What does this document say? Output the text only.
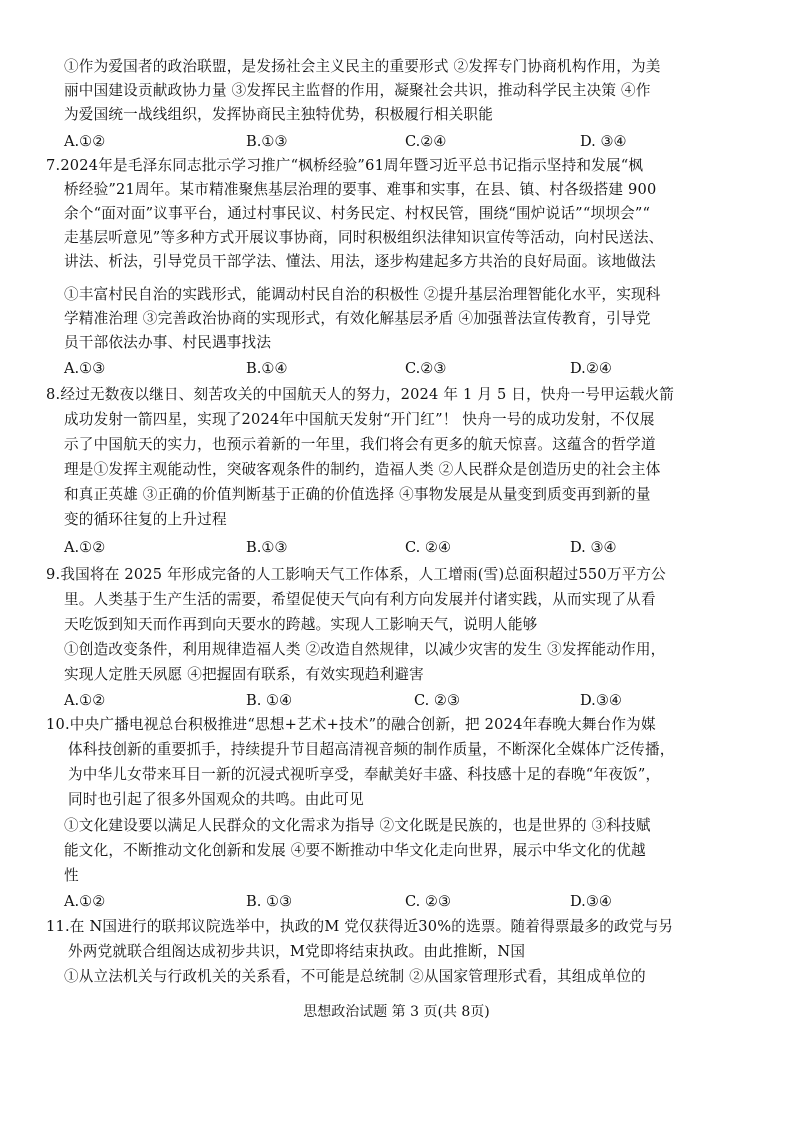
①作为爱国者的政治联盟，是发扬社会主义民主的重要形式 ②发挥专门协商机构作用，为美
丽中国建设贡献政协力量 ③发挥民主监督的作用，凝聚社会共识，推动科学民主决策 ④作
为爱国统一战线组织，发挥协商民主独特优势，积极履行相关职能
A.①②	B.①③	C.②④	D. ③④
7.2024年是毛泽东同志批示学习推广“枫桥经验”61周年暨习近平总书记指示坚持和发展“枫
桥经验”21周年。某市精准聚焦基层治理的要事、难事和实事，在县、镇、村各级搭建 900
余个“面对面”议事平台，通过村事民议、村务民定、村权民管，围绕“围炉说话”“坝坝会”“
走基层听意见”等多种方式开展议事协商，同时积极组织法律知识宣传等活动，向村民送法、
讲法、析法，引导党员干部学法、懂法、用法，逐步构建起多方共治的良好局面。该地做法
①丰富村民自治的实践形式，能调动村民自治的积极性 ②提升基层治理智能化水平，实现科
学精准治理 ③完善政治协商的实现形式，有效化解基层矛盾 ④加强普法宣传教育，引导党
员干部依法办事、村民遇事找法
A.①③	B.①④	C.②③	D.②④
8.经过无数夜以继日、刻苦攻关的中国航天人的努力，2024 年 1 月 5 日，快舟一号甲运载火箭
成功发射一箭四星，实现了2024年中国航天发射“开门红”！ 快舟一号的成功发射，不仅展
示了中国航天的实力，也预示着新的一年里，我们将会有更多的航天惊喜。这蕴含的哲学道
理是①发挥主观能动性，突破客观条件的制约，造福人类 ②人民群众是创造历史的社会主体
和真正英雄 ③正确的价值判断基于正确的价值选择 ④事物发展是从量变到质变再到新的量
变的循环往复的上升过程
A.①②	B.①③	C. ②④	D. ③④
9.我国将在 2025 年形成完备的人工影响天气工作体系，人工增雨(雪)总面积超过550万平方公
里。人类基于生产生活的需要，希望促使天气向有利方向发展并付诸实践，从而实现了从看
天吃饭到知天而作再到向天要水的跨越。实现人工影响天气，说明人能够
①创造改变条件，利用规律造福人类 ②改造自然规律，以减少灾害的发生 ③发挥能动作用，
实现人定胜天夙愿 ④把握固有联系，有效实现趋利避害
A.①②	B. ①④	C. ②③	D.③④
10.中央广播电视总台积极推进“思想+艺术+技术”的融合创新，把 2024年春晚大舞台作为媒
体科技创新的重要抓手，持续提升节目超高清视音频的制作质量，不断深化全媒体广泛传播，
为中华儿女带来耳目一新的沉浸式视听享受，奉献美好丰盛、科技感十足的春晚“年夜饭”，
同时也引起了很多外国观众的共鸣。由此可见
①文化建设要以满足人民群众的文化需求为指导 ②文化既是民族的，也是世界的 ③科技赋
能文化，不断推动文化创新和发展 ④要不断推动中华文化走向世界，展示中华文化的优越
性
A.①②	B. ①③	C. ②③	D.③④
11.在 N国进行的联邦议院选举中，执政的M 党仅获得近30%的选票。随着得票最多的政党与另
外两党就联合组阁达成初步共识，M党即将结束执政。由此推断，N国
①从立法机关与行政机关的关系看，不可能是总统制 ②从国家管理形式看，其组成单位的
思想政治试题 第 3 页(共 8页)
